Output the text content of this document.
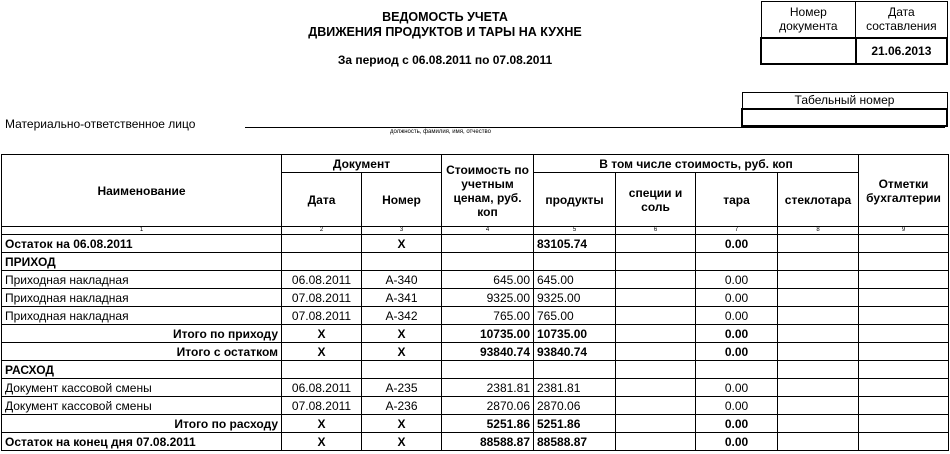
ВЕДОМОСТЬ УЧЕТА
ДВИЖЕНИЯ ПРОДУКТОВ И ТАРЫ НА КУХНЕ
За период с 06.08.2011 по 07.08.2011
Номер документа	Дата составления
	21.06.2013
Табельный номер

Материально-ответственное лицо
должность, фамилия, имя, отчество
Наименование	Документ		Стоимость по учетным ценам, руб. коп	В том числе стоимость, руб. коп				Отметки бухгалтерии
	Дата	Номер		продукты	специи и соль	тара	стеклотара	
1	2	3	4	5	6	7	8	9
Остаток на 06.08.2011		X		83105.74		0.00		
ПРИХОД								
Приходная накладная	06.08.2011	А-340	645.00	645.00		0.00		
Приходная накладная	07.08.2011	А-341	9325.00	9325.00		0.00		
Приходная накладная	07.08.2011	А-342	765.00	765.00		0.00		
Итого по приходу	X	X	10735.00	10735.00		0.00		
Итого с остатком	X	X	93840.74	93840.74		0.00		
РАСХОД								
Документ кассовой смены	06.08.2011	А-235	2381.81	2381.81		0.00		
Документ кассовой смены	07.08.2011	А-236	2870.06	2870.06		0.00		
Итого по расходу	X	X	5251.86	5251.86		0.00		
Остаток на конец дня 07.08.2011	X	X	88588.87	88588.87		0.00		
